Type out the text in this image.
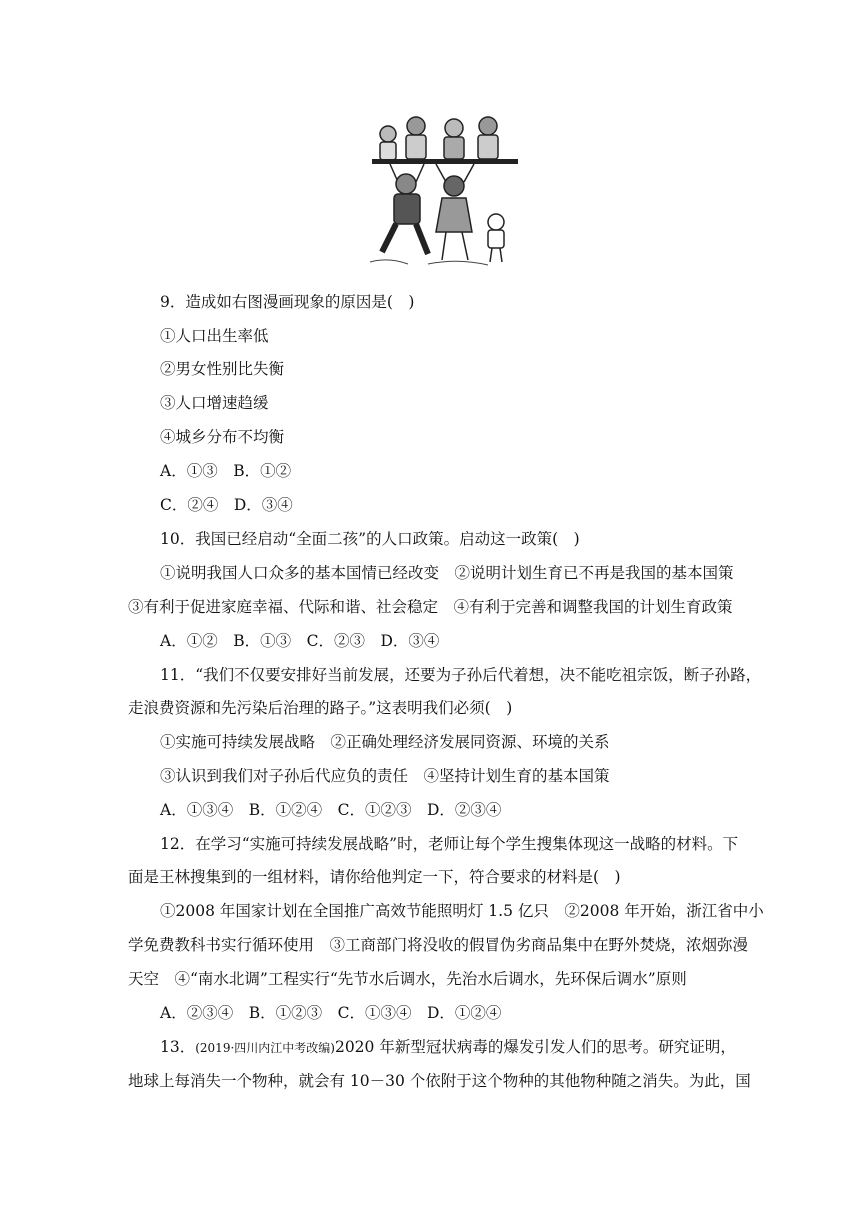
9．造成如右图漫画现象的原因是(　)
①人口出生率低
②男女性别比失衡
③人口增速趋缓
④城乡分布不均衡
A．①③　B．①②
C．②④　D．③④
10．我国已经启动“全面二孩”的人口政策。启动这一政策(　)
①说明我国人口众多的基本国情已经改变　②说明计划生育已不再是我国的基本国策
③有利于促进家庭幸福、代际和谐、社会稳定　④有利于完善和调整我国的计划生育政策
A．①②　B．①③　C．②③　D．③④
11．“我们不仅要安排好当前发展，还要为子孙后代着想，决不能吃祖宗饭，断子孙路，
走浪费资源和先污染后治理的路子。”这表明我们必须(　)
①实施可持续发展战略　②正确处理经济发展同资源、环境的关系
③认识到我们对子孙后代应负的责任　④坚持计划生育的基本国策
A．①③④　B．①②④　C．①②③　D．②③④
12．在学习“实施可持续发展战略”时，老师让每个学生搜集体现这一战略的材料。下
面是王林搜集到的一组材料，请你给他判定一下，符合要求的材料是(　)
①2008 年国家计划在全国推广高效节能照明灯 1.5 亿只　②2008 年开始，浙江省中小
学免费教科书实行循环使用　③工商部门将没收的假冒伪劣商品集中在野外焚烧，浓烟弥漫
天空　④“南水北调”工程实行“先节水后调水，先治水后调水，先环保后调水”原则
A．②③④　B．①②③　C．①③④　D．①②④
13．(2019·四川内江中考改编)2020 年新型冠状病毒的爆发引发人们的思考。研究证明，
地球上每消失一个物种，就会有 10－30 个依附于这个物种的其他物种随之消失。为此，国
